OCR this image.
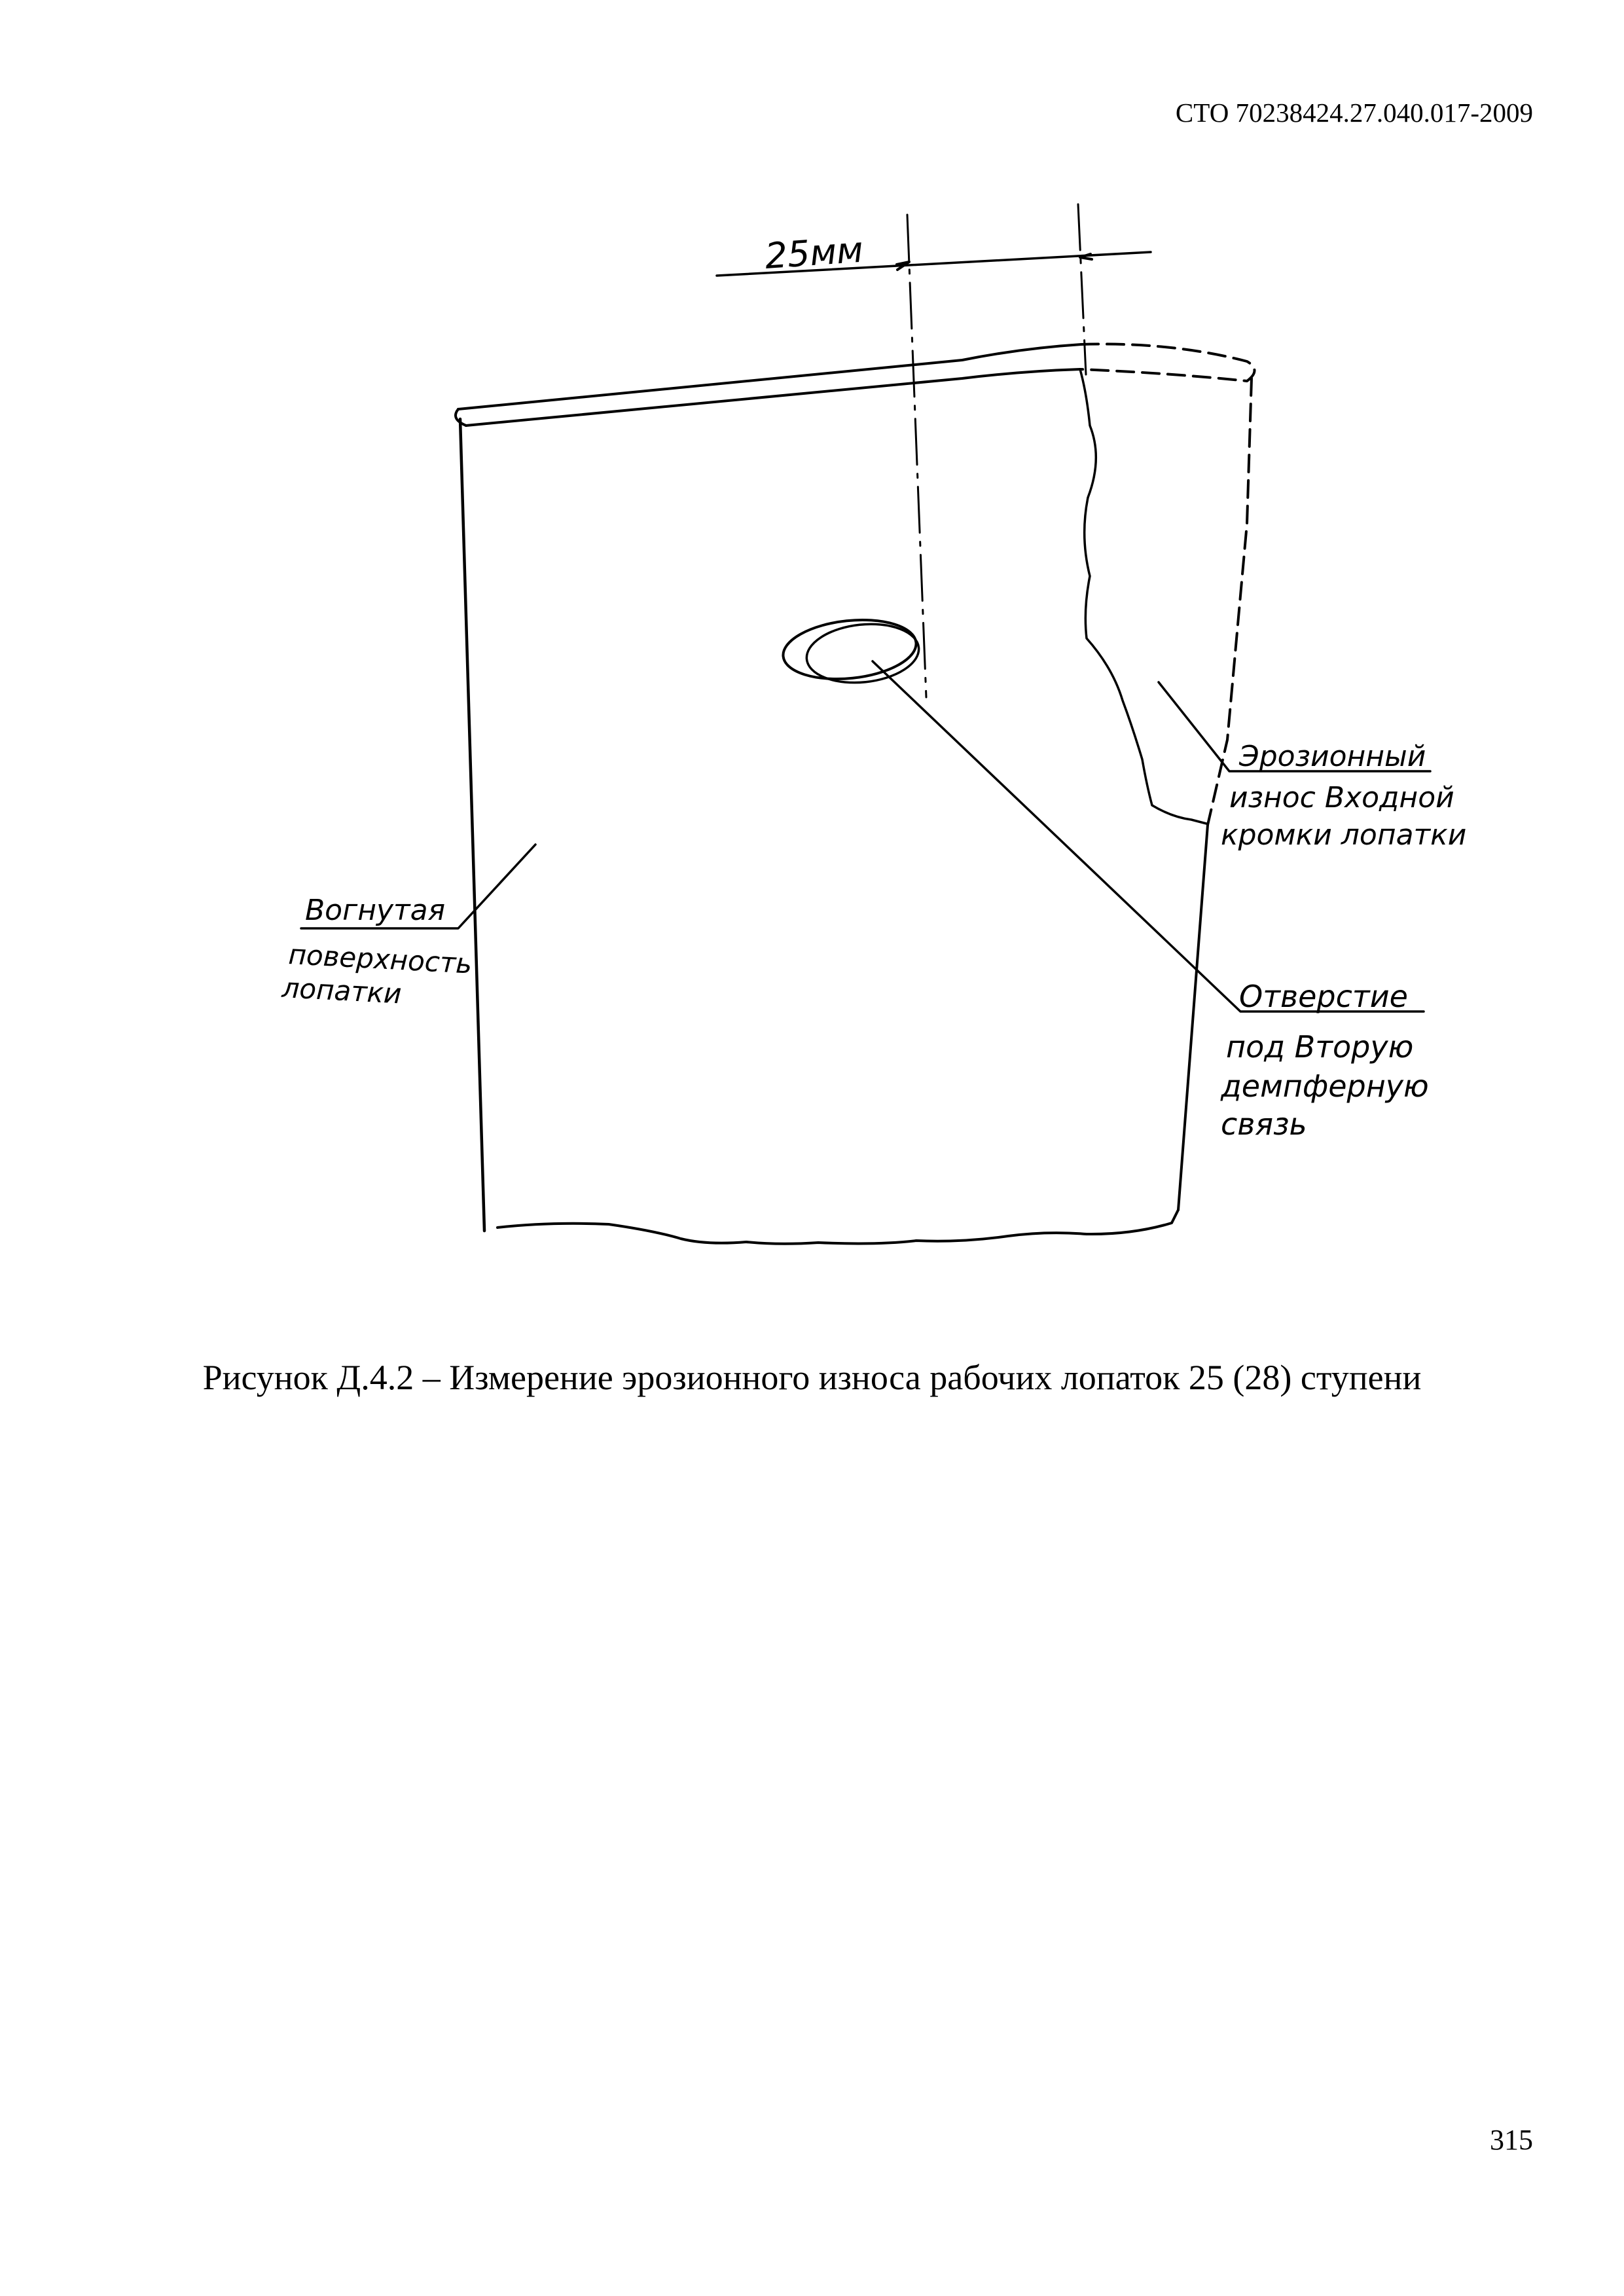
СТО 70238424.27.040.017-2009
25мм
Эрозионный
износ Входной
кромки лопатки
Вогнутая
поверхность
лопатки	Отверстие
под Вторую
демпферную
связь
Рисунок Д.4.2 – Измерение эрозионного износа рабочих лопаток 25 (28) ступени
315
